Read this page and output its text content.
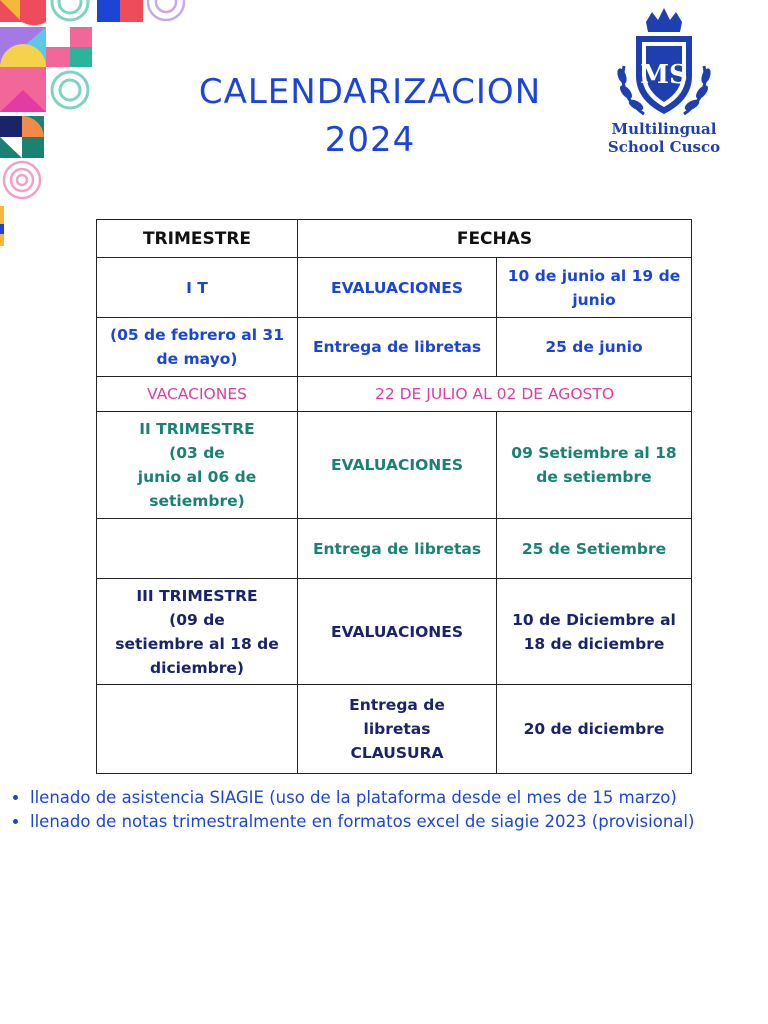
CALENDARIZACION
2024
MS
Multilingual
School Cusco
TRIMESTRE	FECHAS	
I T	EVALUACIONES	10 de junio al 19 de junio
(05 de febrero al 31 de mayo)	Entrega de libretas	25 de junio
VACACIONES	22 DE JULIO AL 02 DE AGOSTO	

II TRIMESTRE
(03 de
junio al 06 de
setiembre)	EVALUACIONES	09 Setiembre al 18 de setiembre
	Entrega de libretas	25 de Setiembre

III TRIMESTRE
(09 de
setiembre al 18 de
diciembre)	EVALUACIONES	10 de Diciembre al 18 de diciembre

	Entrega de
libretas
CLAUSURA	20 de diciembre
• llenado de asistencia SIAGIE (uso de la plataforma desde el mes de 15 marzo)
• llenado de notas trimestralmente en formatos excel de siagie 2023 (provisional)
